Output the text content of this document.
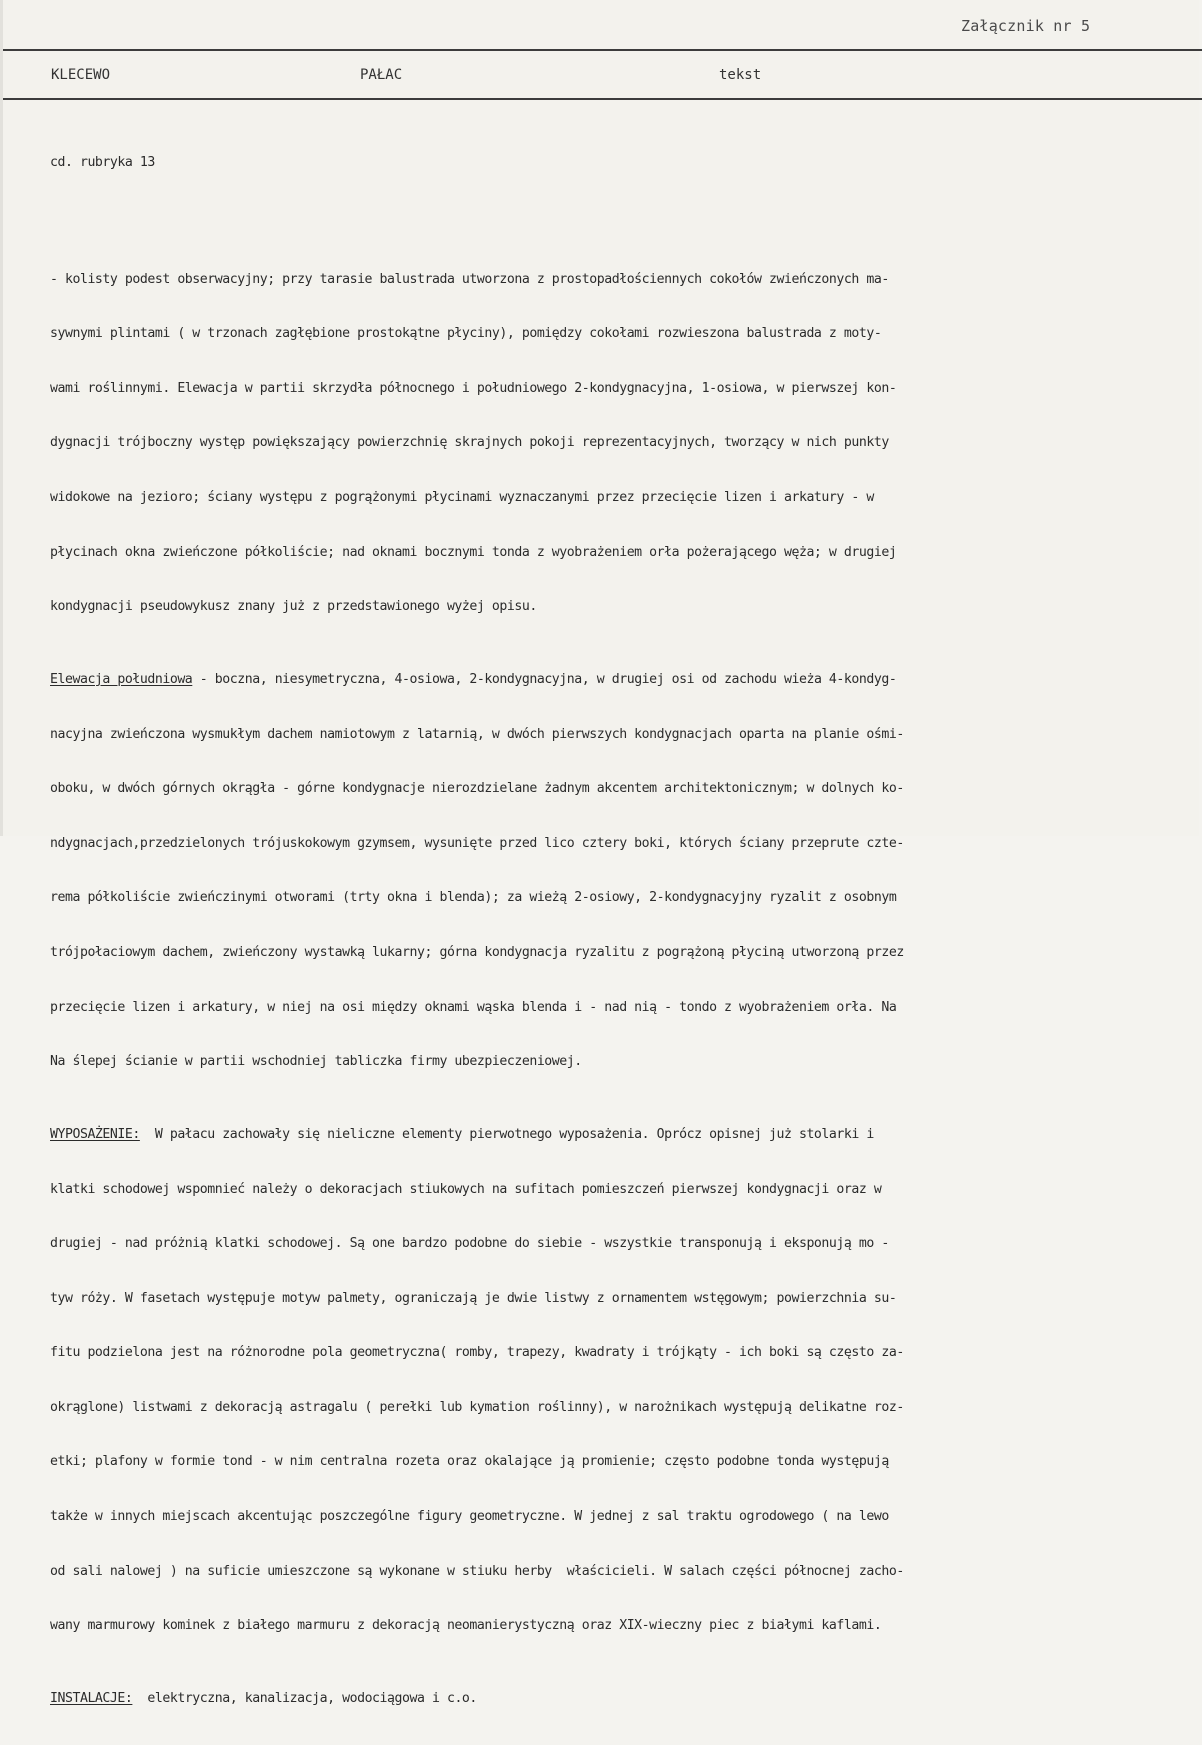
Załącznik nr 5
KLECEWO	PAŁAC	tekst

cd. rubryka 13

- kolisty podest obserwacyjny; przy tarasie balustrada utworzona z prostopadłościennych cokołów zwieńczonych ma-

sywnymi plintami ( w trzonach zagłębione prostokątne płyciny), pomiędzy cokołami rozwieszona balustrada z moty-

wami roślinnymi. Elewacja w partii skrzydła północnego i południowego 2-kondygnacyjna, 1-osiowa, w pierwszej kon-

dygnacji trójboczny występ powiększający powierzchnię skrajnych pokoji reprezentacyjnych, tworzący w nich punkty

widokowe na jezioro; ściany występu z pogrążonymi płycinami wyznaczanymi przez przecięcie lizen i arkatury - w

płycinach okna zwieńczone półkoliście; nad oknami bocznymi tonda z wyobrażeniem orła pożerającego węża; w drugiej

kondygnacji pseudowykusz znany już z przedstawionego wyżej opisu.

Elewacja południowa - boczna, niesymetryczna, 4-osiowa, 2-kondygnacyjna, w drugiej osi od zachodu wieża 4-kondyg-

nacyjna zwieńczona wysmukłym dachem namiotowym z latarnią, w dwóch pierwszych kondygnacjach oparta na planie ośmi-

oboku, w dwóch górnych okrągła - górne kondygnacje nierozdzielane żadnym akcentem architektonicznym; w dolnych ko-

ndygnacjach,przedzielonych trójuskokowym gzymsem, wysunięte przed lico cztery boki, których ściany przeprute czte-

rema półkoliście zwieńczinymi otworami (trty okna i blenda); za wieżą 2-osiowy, 2-kondygnacyjny ryzalit z osobnym

trójpołaciowym dachem, zwieńczony wystawką lukarny; górna kondygnacja ryzalitu z pogrążoną płyciną utworzoną przez

przecięcie lizen i arkatury, w niej na osi między oknami wąska blenda i - nad nią - tondo z wyobrażeniem orła. Na

Na ślepej ścianie w partii wschodniej tabliczka firmy ubezpieczeniowej.

WYPOSAŻENIE:  W pałacu zachowały się nieliczne elementy pierwotnego wyposażenia. Oprócz opisnej już stolarki i

klatki schodowej wspomnieć należy o dekoracjach stiukowych na sufitach pomieszczeń pierwszej kondygnacji oraz w

drugiej - nad próżnią klatki schodowej. Są one bardzo podobne do siebie - wszystkie transponują i eksponują mo -

tyw róży. W fasetach występuje motyw palmety, ograniczają je dwie listwy z ornamentem wstęgowym; powierzchnia su-

fitu podzielona jest na różnorodne pola geometryczna( romby, trapezy, kwadraty i trójkąty - ich boki są często za-

okrąglone) listwami z dekoracją astragalu ( perełki lub kymation roślinny), w narożnikach występują delikatne roz-

etki; plafony w formie tond - w nim centralna rozeta oraz okalające ją promienie; często podobne tonda występują

także w innych miejscach akcentując poszczególne figury geometryczne. W jednej z sal traktu ogrodowego ( na lewo

od sali nalowej ) na suficie umieszczone są wykonane w stiuku herby  właścicieli. W salach części północnej zacho-

wany marmurowy kominek z białego marmuru z dekoracją neomanierystyczną oraz XIX-wieczny piec z białymi kaflami.

INSTALACJE:  elektryczna, kanalizacja, wodociągowa i c.o.
